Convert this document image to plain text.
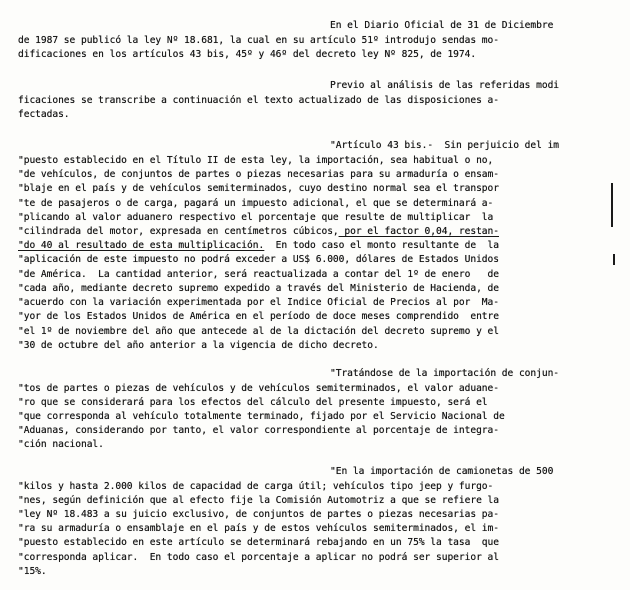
En el Diario Oficial de 31 de Diciembre
de 1987 se publicó la ley Nº 18.681, la cual en su artículo 51º introdujo sendas mo-
dificaciones en los artículos 43 bis, 45º y 46º del decreto ley Nº 825, de 1974.
Previo al análisis de las referidas modi
ficaciones se transcribe a continuación el texto actualizado de las disposiciones a-
fectadas.
"Artículo 43 bis.-  Sin perjuicio del im
"puesto establecido en el Título II de esta ley, la importación, sea habitual o no,
"de vehículos, de conjuntos de partes o piezas necesarias para su armaduría o ensam-
"blaje en el país y de vehículos semiterminados, cuyo destino normal sea el transpor
"te de pasajeros o de carga, pagará un impuesto adicional, el que se determinará a-
"plicando al valor aduanero respectivo el porcentaje que resulte de multiplicar  la
"cilindrada del motor, expresada en centímetros cúbicos, por el factor 0,04, restan-
"do 40 al resultado de esta multiplicación.  En todo caso el monto resultante de  la
"aplicación de este impuesto no podrá exceder a US$ 6.000, dólares de Estados Unidos
"de América.  La cantidad anterior, será reactualizada a contar del 1º de enero   de
"cada año, mediante decreto supremo expedido a través del Ministerio de Hacienda, de
"acuerdo con la variación experimentada por el Indice Oficial de Precios al por  Ma-
"yor de los Estados Unidos de América en el período de doce meses comprendido  entre
"el 1º de noviembre del año que antecede al de la dictación del decreto supremo y el
"30 de octubre del año anterior a la vigencia de dicho decreto.
"Tratándose de la importación de conjun-
"tos de partes o piezas de vehículos y de vehículos semiterminados, el valor aduane-
"ro que se considerará para los efectos del cálculo del presente impuesto, será el
"que corresponda al vehículo totalmente terminado, fijado por el Servicio Nacional de
"Aduanas, considerando por tanto, el valor correspondiente al porcentaje de integra-
"ción nacional.
"En la importación de camionetas de 500
"kilos y hasta 2.000 kilos de capacidad de carga útil; vehículos tipo jeep y furgo-
"nes, según definición que al efecto fije la Comisión Automotriz a que se refiere la
"ley Nº 18.483 a su juicio exclusivo, de conjuntos de partes o piezas necesarias pa-
"ra su armaduría o ensamblaje en el país y de estos vehículos semiterminados, el im-
"puesto establecido en este artículo se determinará rebajando en un 75% la tasa  que
"corresponda aplicar.  En todo caso el porcentaje a aplicar no podrá ser superior al
"15%.
